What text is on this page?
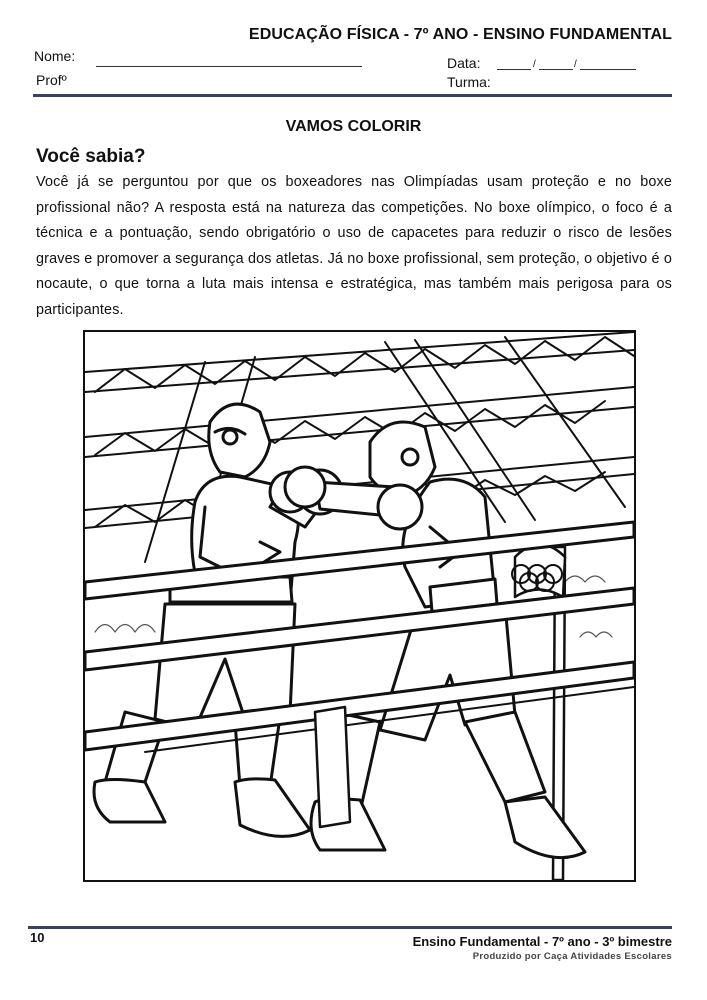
EDUCAÇÃO FÍSICA - 7º ANO - ENSINO FUNDAMENTAL
Nome:
Profº
Data:	/	/
Turma:
VAMOS COLORIR
Você sabia?
Você já se perguntou por que os boxeadores nas Olimpíadas usam proteção e no boxe profissional não? A resposta está na natureza das competições. No boxe olímpico, o foco é a técnica e a pontuação, sendo obrigatório o uso de capacetes para reduzir o risco de lesões graves e promover a segurança dos atletas. Já no boxe profissional, sem proteção, o objetivo é o nocaute, o que torna a luta mais intensa e estratégica, mas também mais perigosa para os participantes.
10	Ensino Fundamental - 7º ano - 3º bimestre
Produzido por Caça Atividades Escolares
